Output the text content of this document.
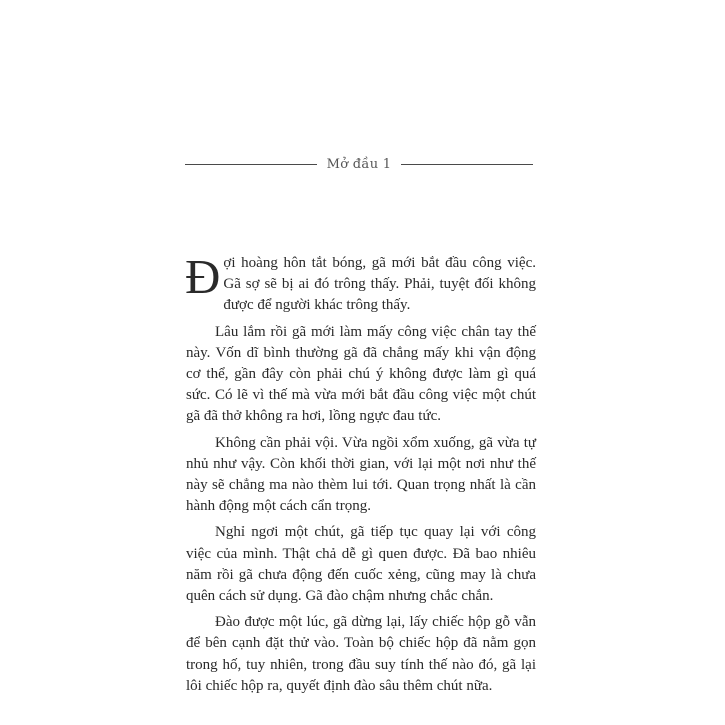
Mở đầu 1

Đợi hoàng hôn tắt bóng, gã mới bắt đầu công việc. Gã sợ sẽ bị ai đó trông thấy. Phải, tuyệt đối không được để người khác trông thấy.

Lâu lắm rồi gã mới làm mấy công việc chân tay thế này. Vốn dĩ bình thường gã đã chẳng mấy khi vận động cơ thể, gần đây còn phải chú ý không được làm gì quá sức. Có lẽ vì thế mà vừa mới bắt đầu công việc một chút gã đã thở không ra hơi, lồng ngực đau tức.

Không cần phải vội. Vừa ngồi xổm xuống, gã vừa tự nhủ như vậy. Còn khối thời gian, với lại một nơi như thế này sẽ chẳng ma nào thèm lui tới. Quan trọng nhất là cần hành động một cách cẩn trọng.

Nghỉ ngơi một chút, gã tiếp tục quay lại với công việc của mình. Thật chả dễ gì quen được. Đã bao nhiêu năm rồi gã chưa động đến cuốc xẻng, cũng may là chưa quên cách sử dụng. Gã đào chậm nhưng chắc chắn.

Đào được một lúc, gã dừng lại, lấy chiếc hộp gỗ vẫn để bên cạnh đặt thử vào. Toàn bộ chiếc hộp đã nằm gọn trong hố, tuy nhiên, trong đầu suy tính thế nào đó, gã lại lôi chiếc hộp ra, quyết định đào sâu thêm chút nữa.
